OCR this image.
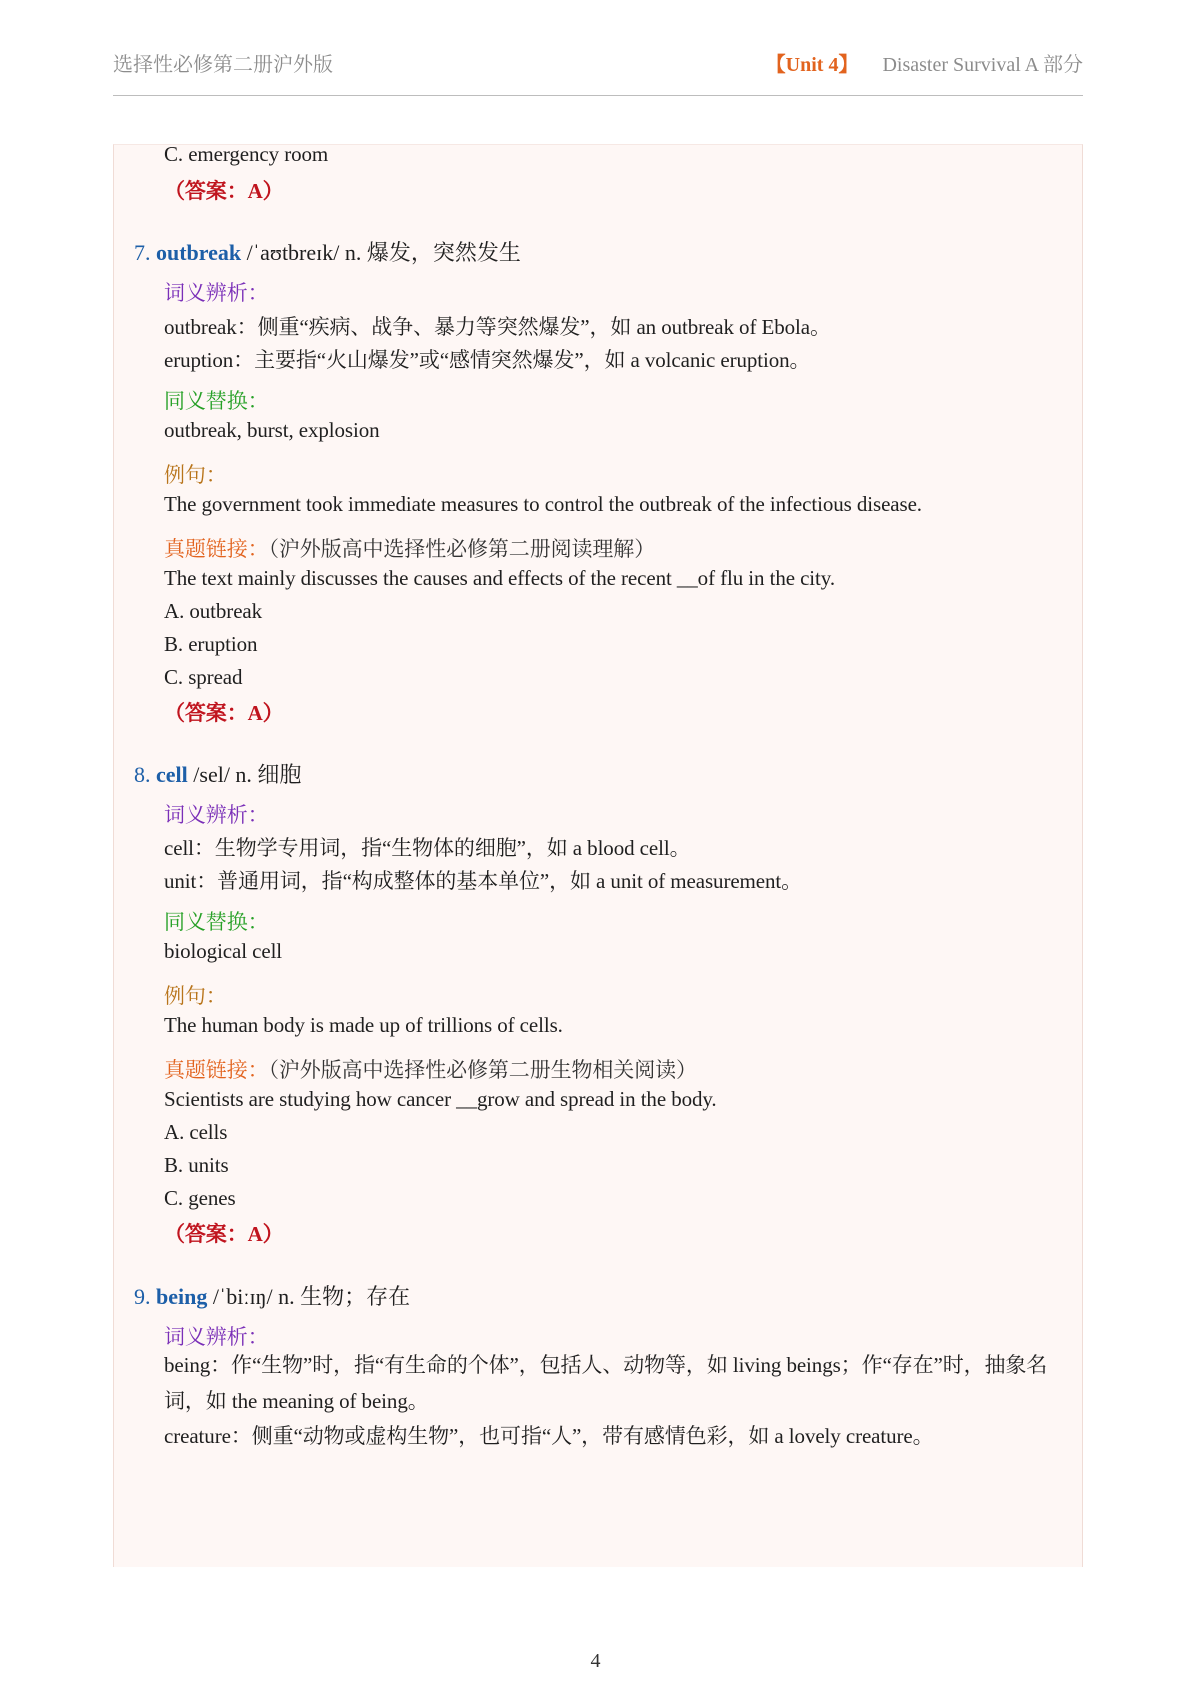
选择性必修第二册沪外版	【Unit 4】 Disaster Survival A 部分
C. emergency room
（答案：A）
7. outbreak /ˈaʊtbreɪk/ n. 爆发，突然发生
词义辨析：
outbreak：侧重“疾病、战争、暴力等突然爆发”，如 an outbreak of Ebola。
eruption：主要指“火山爆发”或“感情突然爆发”，如 a volcanic eruption。
同义替换：
outbreak, burst, explosion
例句：
The government took immediate measures to control the outbreak of the infectious disease.
真题链接：（沪外版高中选择性必修第二册阅读理解）
The text mainly discusses the causes and effects of the recent __of flu in the city.
A. outbreak
B. eruption
C. spread
（答案：A）
8. cell /sel/ n. 细胞
词义辨析：
cell：生物学专用词，指“生物体的细胞”，如 a blood cell。
unit：普通用词，指“构成整体的基本单位”，如 a unit of measurement。
同义替换：
biological cell
例句：
The human body is made up of trillions of cells.
真题链接：（沪外版高中选择性必修第二册生物相关阅读）
Scientists are studying how cancer __grow and spread in the body.
A. cells
B. units
C. genes
（答案：A）
9. being /ˈbiːɪŋ/ n. 生物；存在
词义辨析：
being：作“生物”时，指“有生命的个体”，包括人、动物等，如 living beings；作“存在”时，抽象名词，如 the meaning of being。
creature：侧重“动物或虚构生物”，也可指“人”，带有感情色彩，如 a lovely creature。
4
